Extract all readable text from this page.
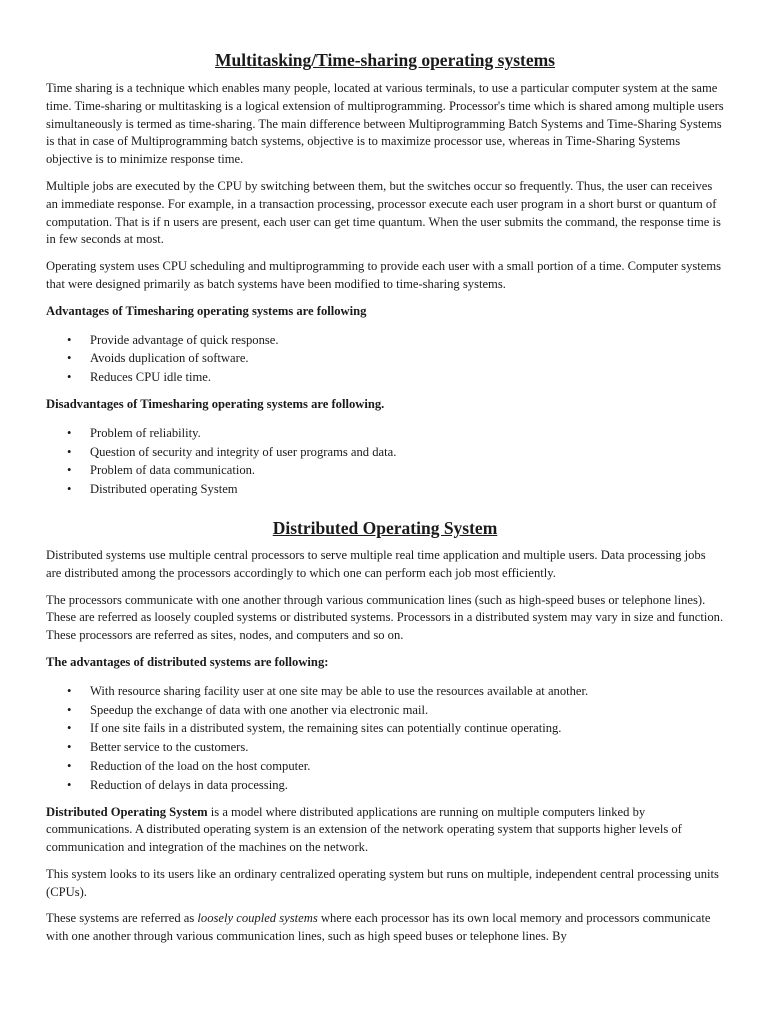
Multitasking/Time-sharing operating systems

Time sharing is a technique which enables many people, located at various terminals, to use a particular computer system at the same time. Time-sharing or multitasking is a logical extension of multiprogramming. Processor's time which is shared among multiple users simultaneously is termed as time-sharing. The main difference between Multiprogramming Batch Systems and Time-Sharing Systems is that in case of Multiprogramming batch systems, objective is to maximize processor use, whereas in Time-Sharing Systems objective is to minimize response time.

Multiple jobs are executed by the CPU by switching between them, but the switches occur so frequently. Thus, the user can receives an immediate response. For example, in a transaction processing, processor execute each user program in a short burst or quantum of computation. That is if n users are present, each user can get time quantum. When the user submits the command, the response time is in few seconds at most.

Operating system uses CPU scheduling and multiprogramming to provide each user with a small portion of a time. Computer systems that were designed primarily as batch systems have been modified to time-sharing systems.

Advantages of Timesharing operating systems are following
• Provide advantage of quick response.
• Avoids duplication of software.
• Reduces CPU idle time.
Disadvantages of Timesharing operating systems are following.
• Problem of reliability.
• Question of security and integrity of user programs and data.
• Problem of data communication.
• Distributed operating System
Distributed Operating System

Distributed systems use multiple central processors to serve multiple real time application and multiple users. Data processing jobs are distributed among the processors accordingly to which one can perform each job most efficiently.

The processors communicate with one another through various communication lines (such as high-speed buses or telephone lines). These are referred as loosely coupled systems or distributed systems. Processors in a distributed system may vary in size and function. These processors are referred as sites, nodes, and computers and so on.

The advantages of distributed systems are following:
• With resource sharing facility user at one site may be able to use the resources available at another.
• Speedup the exchange of data with one another via electronic mail.
• If one site fails in a distributed system, the remaining sites can potentially continue operating.
• Better service to the customers.
• Reduction of the load on the host computer.
• Reduction of delays in data processing.

Distributed Operating System is a model where distributed applications are running on multiple computers linked by communications. A distributed operating system is an extension of the network operating system that supports higher levels of communication and integration of the machines on the network.

This system looks to its users like an ordinary centralized operating system but runs on multiple, independent central processing units (CPUs).

These systems are referred as loosely coupled systems where each processor has its own local memory and processors communicate with one another through various communication lines, such as high speed buses or telephone lines. By
